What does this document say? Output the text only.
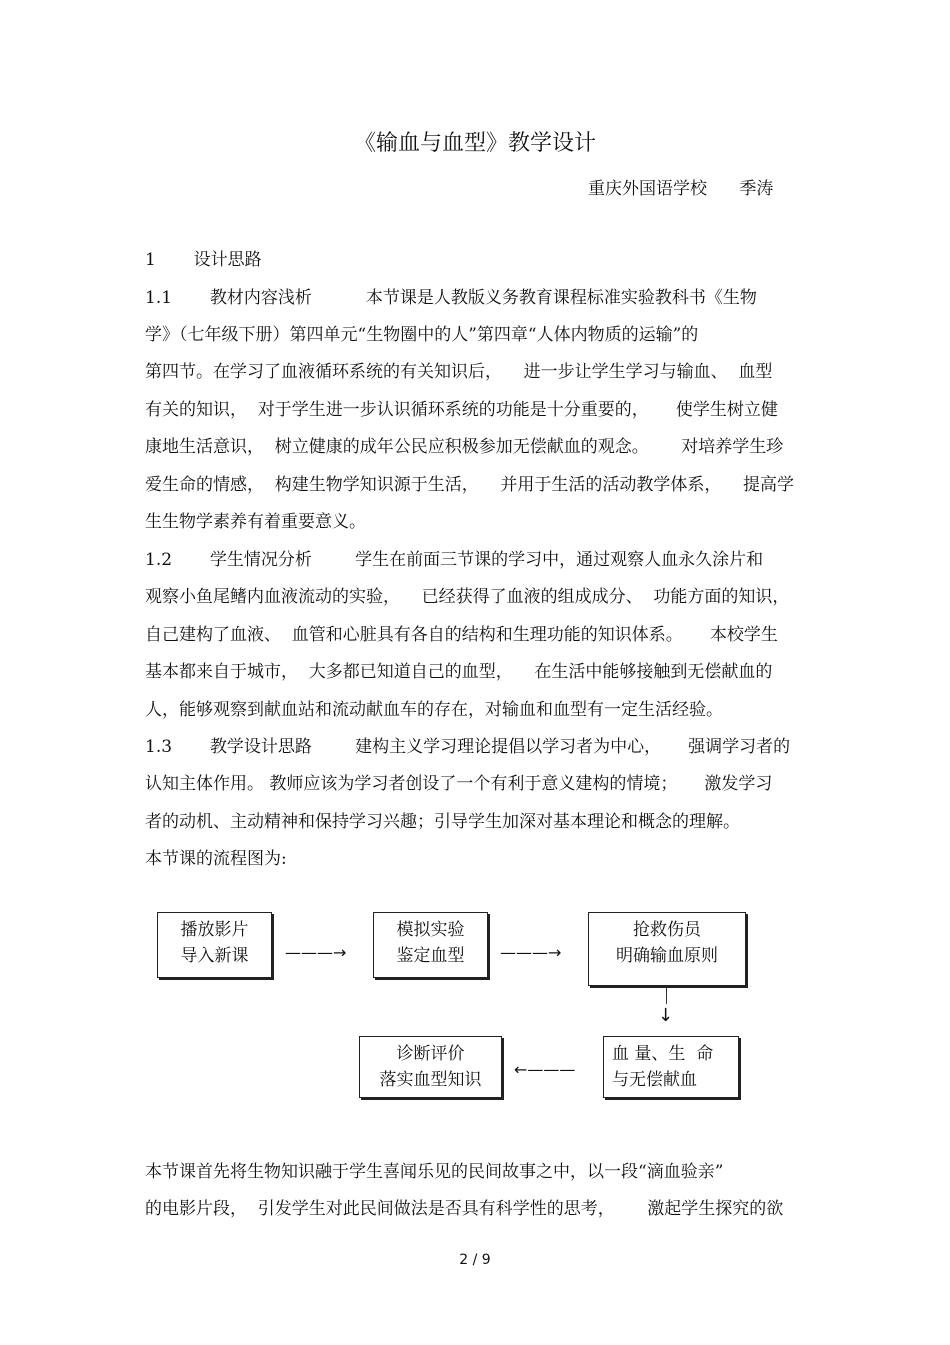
《输血与血型》教学设计
重庆外国语学校      季涛
1       设计思路
1.1       教材内容浅析          本节课是人教版义务教育课程标准实验教科书《生物
学》（七年级下册）第四单元“生物圈中的人”第四章“人体内物质的运输”的
第四节。在学习了血液循环系统的有关知识后，    进一步让学生学习与输血、  血型
有关的知识，  对于学生进一步认识循环系统的功能是十分重要的，     使学生树立健
康地生活意识，  树立健康的成年公民应积极参加无偿献血的观念。      对培养学生珍
爱生命的情感，  构建生物学知识源于生活，    并用于生活的活动教学体系，    提高学
生生物学素养有着重要意义。
1.2       学生情况分析        学生在前面三节课的学习中，通过观察人血永久涂片和
观察小鱼尾鳍内血液流动的实验，    已经获得了血液的组成成分、  功能方面的知识，
自己建构了血液、  血管和心脏具有各自的结构和生理功能的知识体系。     本校学生
基本都来自于城市，  大多都已知道自己的血型，    在生活中能够接触到无偿献血的
人，能够观察到献血站和流动献血车的存在，对输血和血型有一定生活经验。
1.3       教学设计思路        建构主义学习理论提倡以学习者为中心，     强调学习者的
认知主体作用。 教师应该为学习者创设了一个有利于意义建构的情境；     激发学习
者的动机、主动精神和保持学习兴趣；引导学生加深对基本理论和概念的理解。
本节课的流程图为:
播放影片
导入新课	———→
模拟实验
鉴定血型	———→
抢救伤员
明确输血原则
↓
血 量、生  命
与无偿献血
←———
诊断评价
落实血型知识
本节课首先将生物知识融于学生喜闻乐见的民间故事之中，以一段“滴血验亲”
的电影片段，  引发学生对此民间做法是否具有科学性的思考，      激起学生探究的欲
2 / 9
